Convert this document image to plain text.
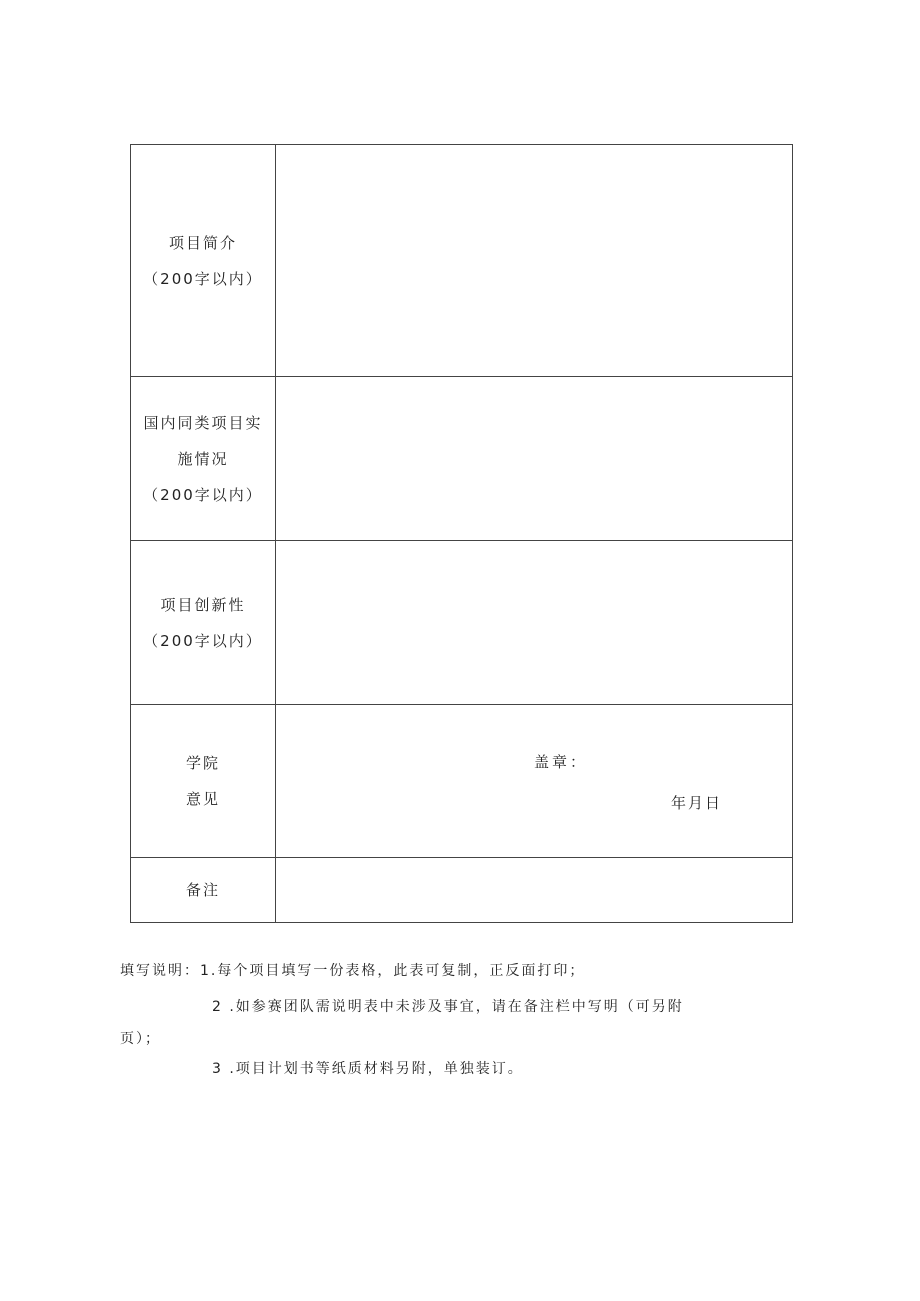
项目简介
（200字以内）	

国内同类项目实
施情况
（200字以内）	

项目创新性
（200字以内）	

学院
意见	盖章：
年月日

备注	

填写说明：1.每个项目填写一份表格，此表可复制，正反面打印；
2 .如参赛团队需说明表中未涉及事宜，请在备注栏中写明（可另附
页）；
3 .项目计划书等纸质材料另附，单独装订。
